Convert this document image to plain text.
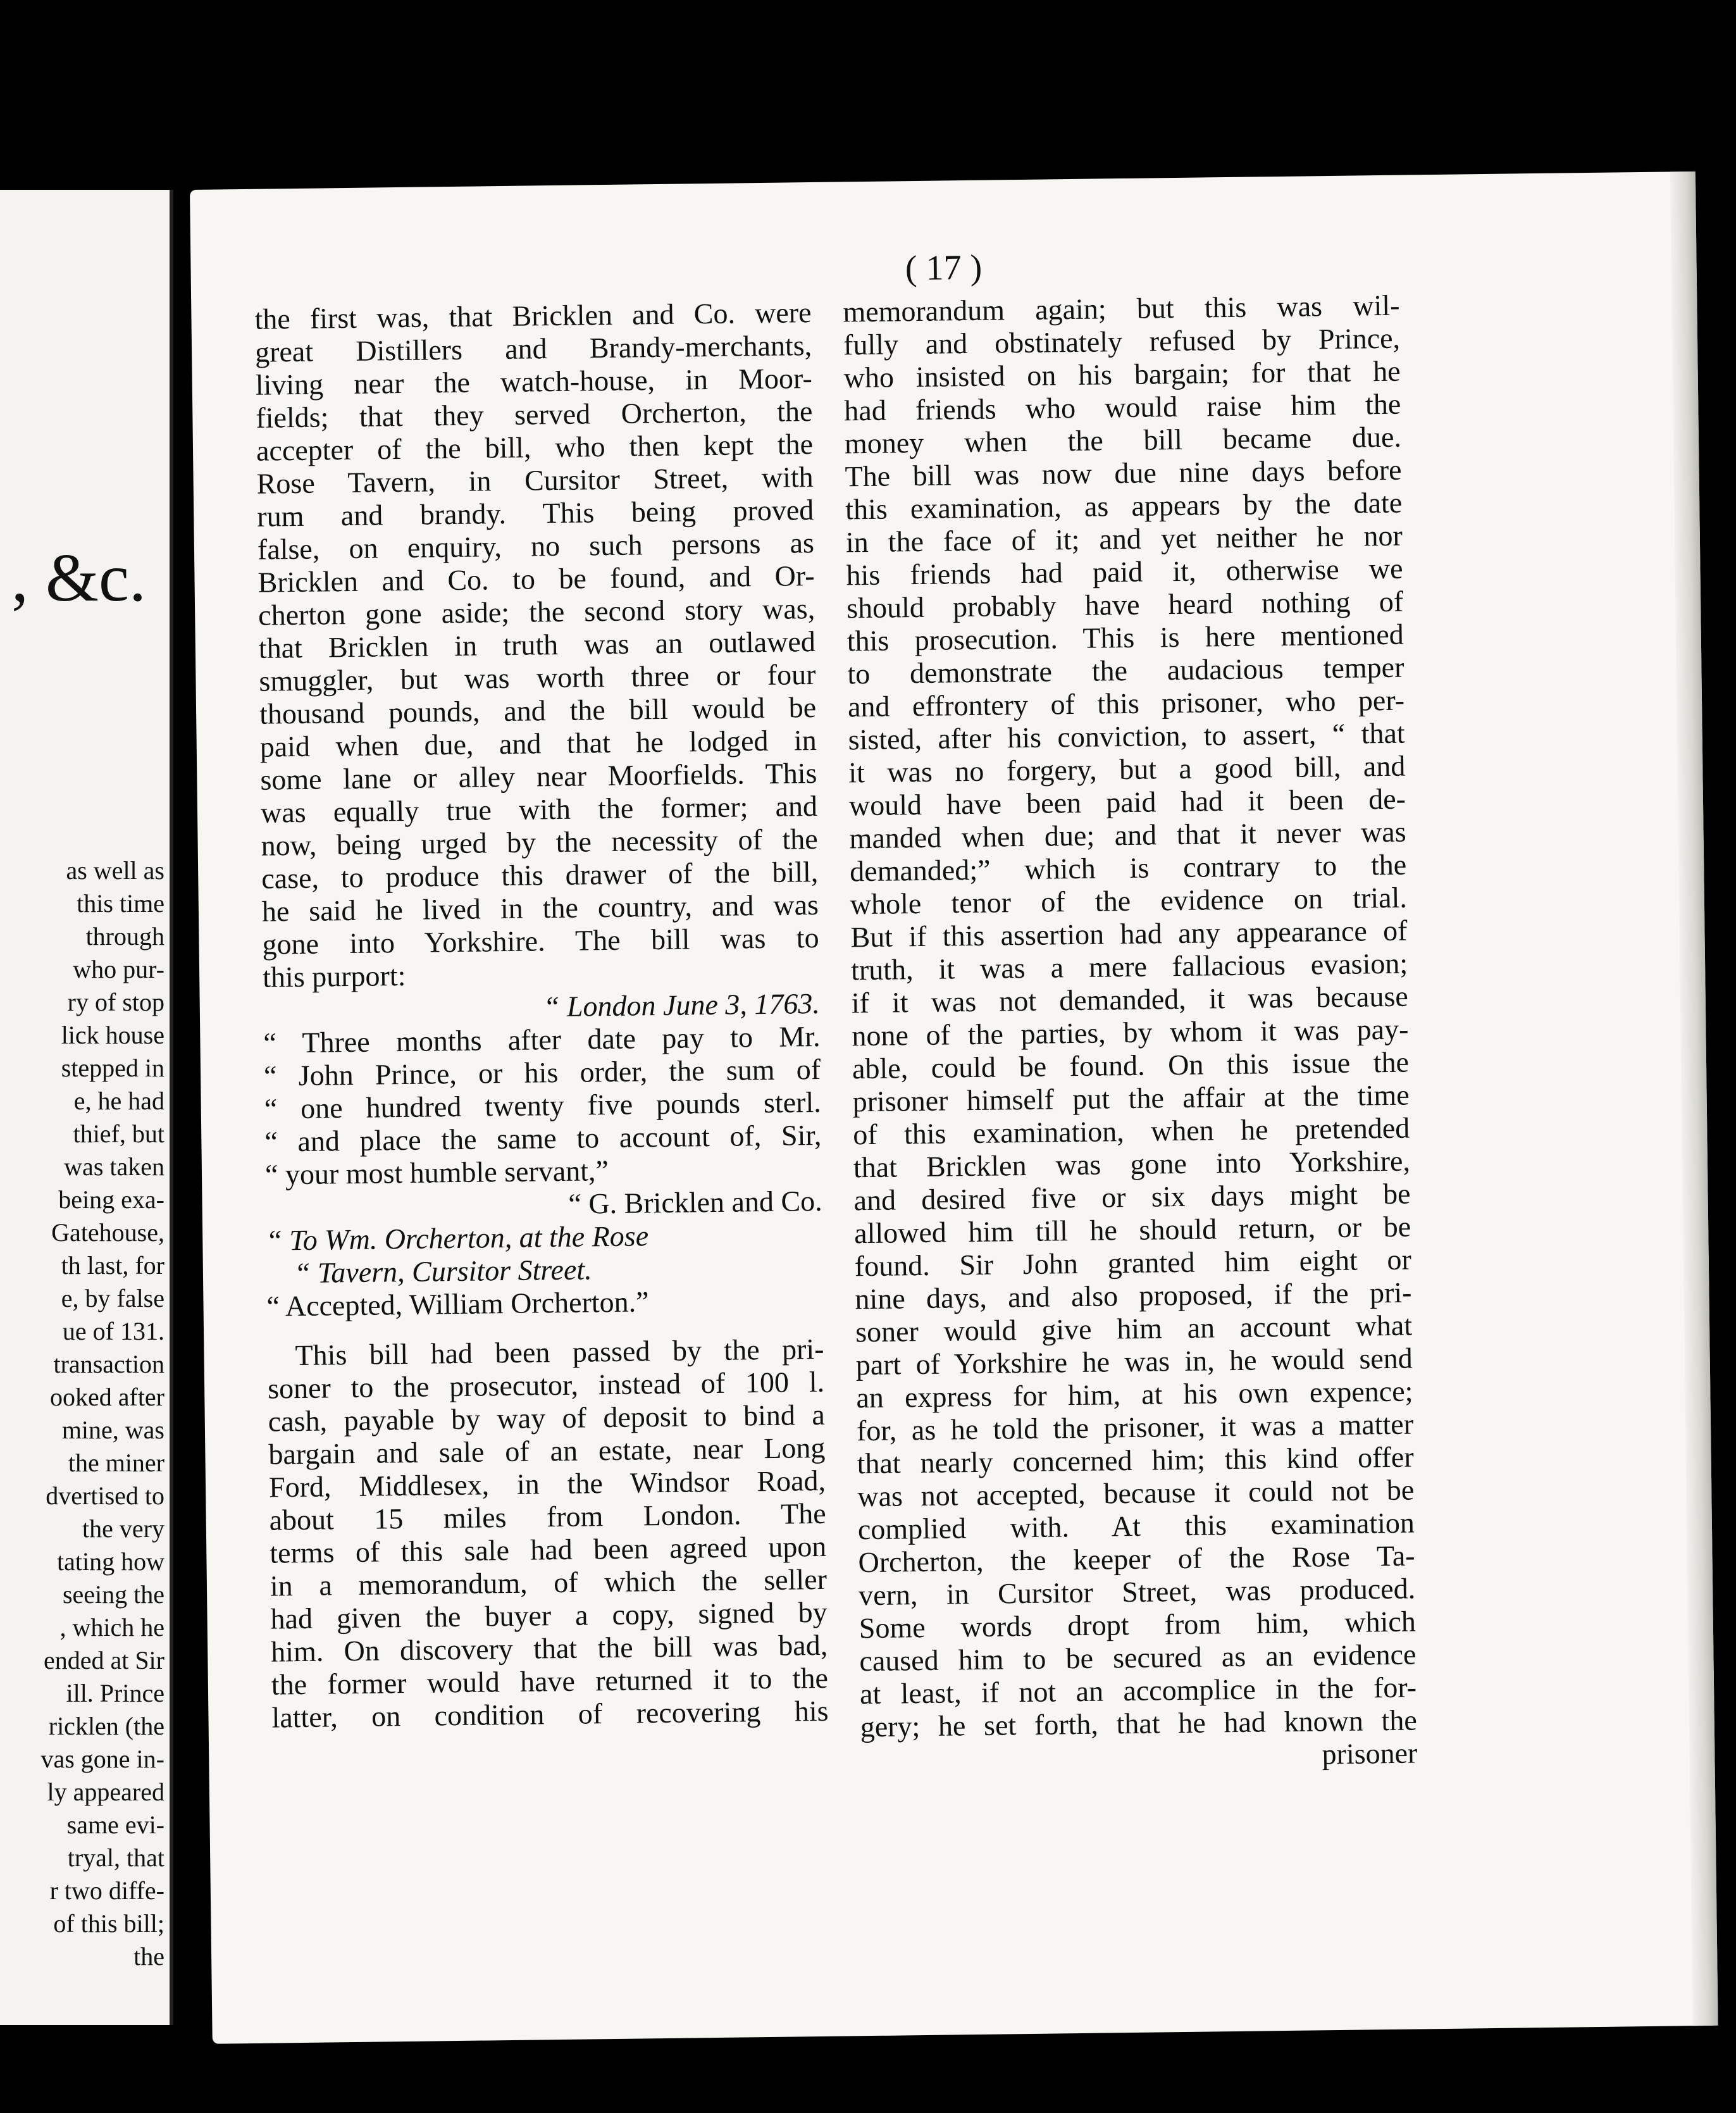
, &c.
as well as
this time
through
who pur-
ry of stop
lick house
stepped in
e, he had
thief, but
was taken
being exa-
Gatehouse,
th last, for
e, by false
ue of 131.
transaction
ooked after
mine, was
the miner
dvertised to
the very
tating how
seeing the
, which he
ended at Sir
ill. Prince
ricklen (the
vas gone in-
ly appeared
same evi-
tryal, that
r two diffe-
of this bill;
the
( 17 )
the first was, that Bricklen and Co. were
great Distillers and Brandy-merchants,
living near the watch-house, in Moor-
fields; that they served Orcherton, the
accepter of the bill, who then kept the
Rose Tavern, in Cursitor Street, with
rum and brandy. This being proved
false, on enquiry, no such persons as
Bricklen and Co. to be found, and Or-
cherton gone aside; the second story was,
that Bricklen in truth was an outlawed
smuggler, but was worth three or four
thousand pounds, and the bill would be
paid when due, and that he lodged in
some lane or alley near Moorfields. This
was equally true with the former; and
now, being urged by the necessity of the
case, to produce this drawer of the bill,
he said he lived in the country, and was
gone into Yorkshire. The bill was to
this purport:
“ London June 3, 1763.
“ Three months after date pay to Mr.
“ John Prince, or his order, the sum of
“ one hundred twenty five pounds sterl.
“ and place the same to account of, Sir,
“ your most humble servant,”
“ G. Bricklen and Co.
“ To Wm. Orcherton, at the Rose
“ Tavern, Cursitor Street.
“ Accepted, William Orcherton.”
This bill had been passed by the pri-
soner to the prosecutor, instead of 100 l.
cash, payable by way of deposit to bind a
bargain and sale of an estate, near Long
Ford, Middlesex, in the Windsor Road,
about 15 miles from London. The
terms of this sale had been agreed upon
in a memorandum, of which the seller
had given the buyer a copy, signed by
him. On discovery that the bill was bad,
the former would have returned it to the
latter, on condition of recovering his
memorandum again; but this was wil-
fully and obstinately refused by Prince,
who insisted on his bargain; for that he
had friends who would raise him the
money when the bill became due.
The bill was now due nine days before
this examination, as appears by the date
in the face of it; and yet neither he nor
his friends had paid it, otherwise we
should probably have heard nothing of
this prosecution. This is here mentioned
to demonstrate the audacious temper
and effrontery of this prisoner, who per-
sisted, after his conviction, to assert, “ that
it was no forgery, but a good bill, and
would have been paid had it been de-
manded when due; and that it never was
demanded;” which is contrary to the
whole tenor of the evidence on trial.
But if this assertion had any appearance of
truth, it was a mere fallacious evasion;
if it was not demanded, it was because
none of the parties, by whom it was pay-
able, could be found. On this issue the
prisoner himself put the affair at the time
of this examination, when he pretended
that Bricklen was gone into Yorkshire,
and desired five or six days might be
allowed him till he should return, or be
found. Sir John granted him eight or
nine days, and also proposed, if the pri-
soner would give him an account what
part of Yorkshire he was in, he would send
an express for him, at his own expence;
for, as he told the prisoner, it was a matter
that nearly concerned him; this kind offer
was not accepted, because it could not be
complied with. At this examination
Orcherton, the keeper of the Rose Ta-
vern, in Cursitor Street, was produced.
Some words dropt from him, which
caused him to be secured as an evidence
at least, if not an accomplice in the for-
gery; he set forth, that he had known the
prisoner
